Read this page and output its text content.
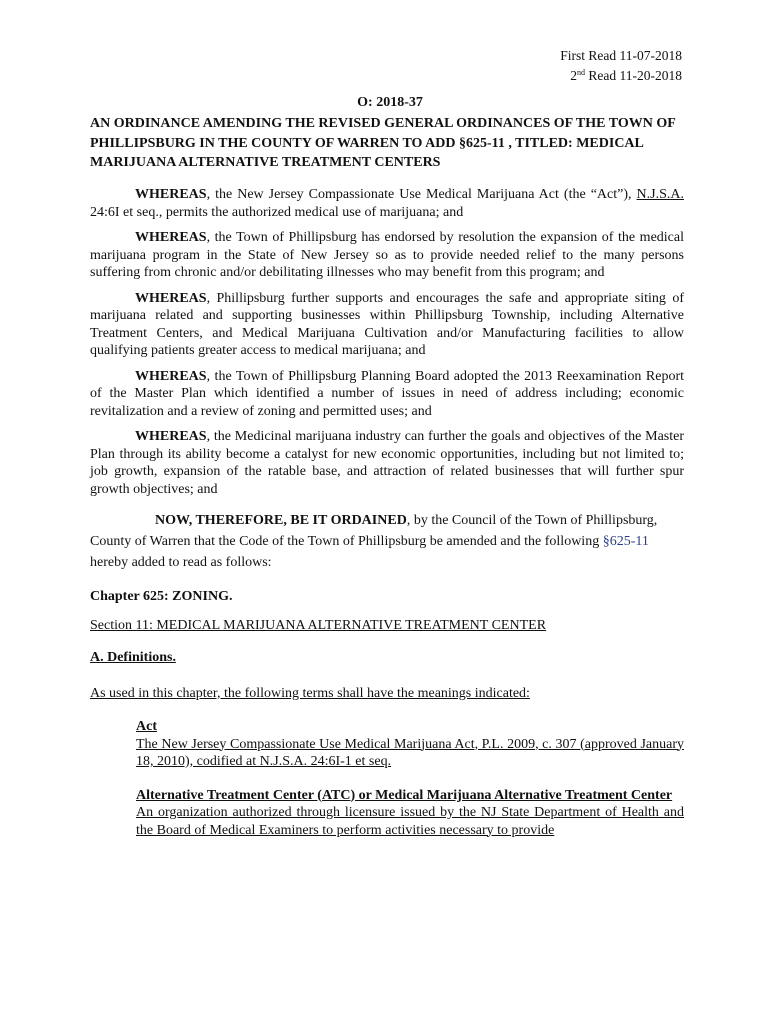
First Read 11-07-2018
2nd Read 11-20-2018
O: 2018-37
AN ORDINANCE AMENDING THE REVISED GENERAL ORDINANCES OF THE TOWN OF PHILLIPSBURG IN THE COUNTY OF WARREN TO ADD §625-11 , TITLED: MEDICAL MARIJUANA ALTERNATIVE TREATMENT CENTERS

WHEREAS, the New Jersey Compassionate Use Medical Marijuana Act (the “Act”), N.J.S.A. 24:6I et seq., permits the authorized medical use of marijuana; and

WHEREAS, the Town of Phillipsburg has endorsed by resolution the expansion of the medical marijuana program in the State of New Jersey so as to provide needed relief to the many persons suffering from chronic and/or debilitating illnesses who may benefit from this program; and

WHEREAS, Phillipsburg further supports and encourages the safe and appropriate siting of marijuana related and supporting businesses within Phillipsburg Township, including Alternative Treatment Centers, and Medical Marijuana Cultivation and/or Manufacturing facilities to allow qualifying patients greater access to medical marijuana; and

WHEREAS, the Town of Phillipsburg Planning Board adopted the 2013 Reexamination Report of the Master Plan which identified a number of issues in need of address including; economic revitalization and a review of zoning and permitted uses; and

WHEREAS, the Medicinal marijuana industry can further the goals and objectives of the Master Plan through its ability become a catalyst for new economic opportunities, including but not limited to; job growth, expansion of the ratable base, and attraction of related businesses that will further spur growth objectives; and

NOW, THEREFORE, BE IT ORDAINED, by the Council of the Town of Phillipsburg, County of Warren that the Code of the Town of Phillipsburg be amended and the following §625-11 hereby added to read as follows:

Chapter 625: ZONING.
Section 11: MEDICAL MARIJUANA ALTERNATIVE TREATMENT CENTER
A. Definitions.
As used in this chapter, the following terms shall have the meanings indicated:
Act
The New Jersey Compassionate Use Medical Marijuana Act, P.L. 2009, c. 307 (approved January 18, 2010), codified at N.J.S.A. 24:6I-1 et seq.
Alternative Treatment Center (ATC) or Medical Marijuana Alternative Treatment Center
An organization authorized through licensure issued by the NJ State Department of Health and the Board of Medical Examiners to perform activities necessary to provide
